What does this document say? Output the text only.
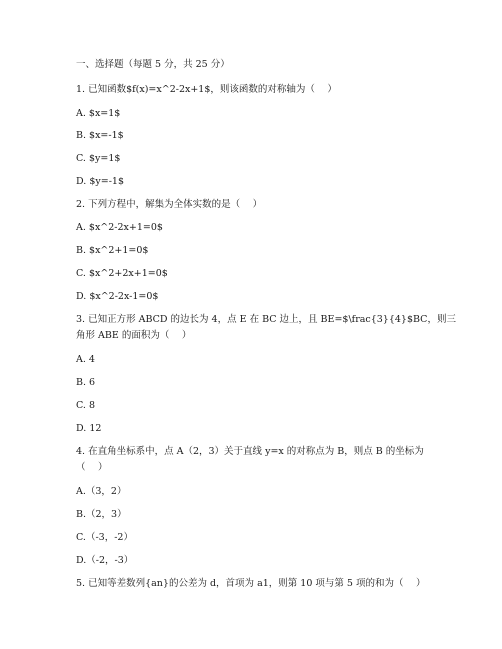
一、选择题（每题 5 分，共 25 分）
1. 已知函数$f(x)=x^2-2x+1$，则该函数的对称轴为（　 ）
A. $x=1$
B. $x=-1$
C. $y=1$
D. $y=-1$
2. 下列方程中，解集为全体实数的是（　 ）
A. $x^2-2x+1=0$
B. $x^2+1=0$
C. $x^2+2x+1=0$
D. $x^2-2x-1=0$
3. 已知正方形 ABCD 的边长为 4，点 E 在 BC 边上，且 BE=$\frac{3}{4}$BC，则三
角形 ABE 的面积为（　 ）
A. 4
B. 6
C. 8
D. 12
4. 在直角坐标系中，点 A（2，3）关于直线 y=x 的对称点为 B，则点 B 的坐标为
（　 ）
A.（3，2）
B.（2，3）
C.（-3，-2）
D.（-2，-3）
5. 已知等差数列{an}的公差为 d，首项为 a1，则第 10 项与第 5 项的和为（　 ）
